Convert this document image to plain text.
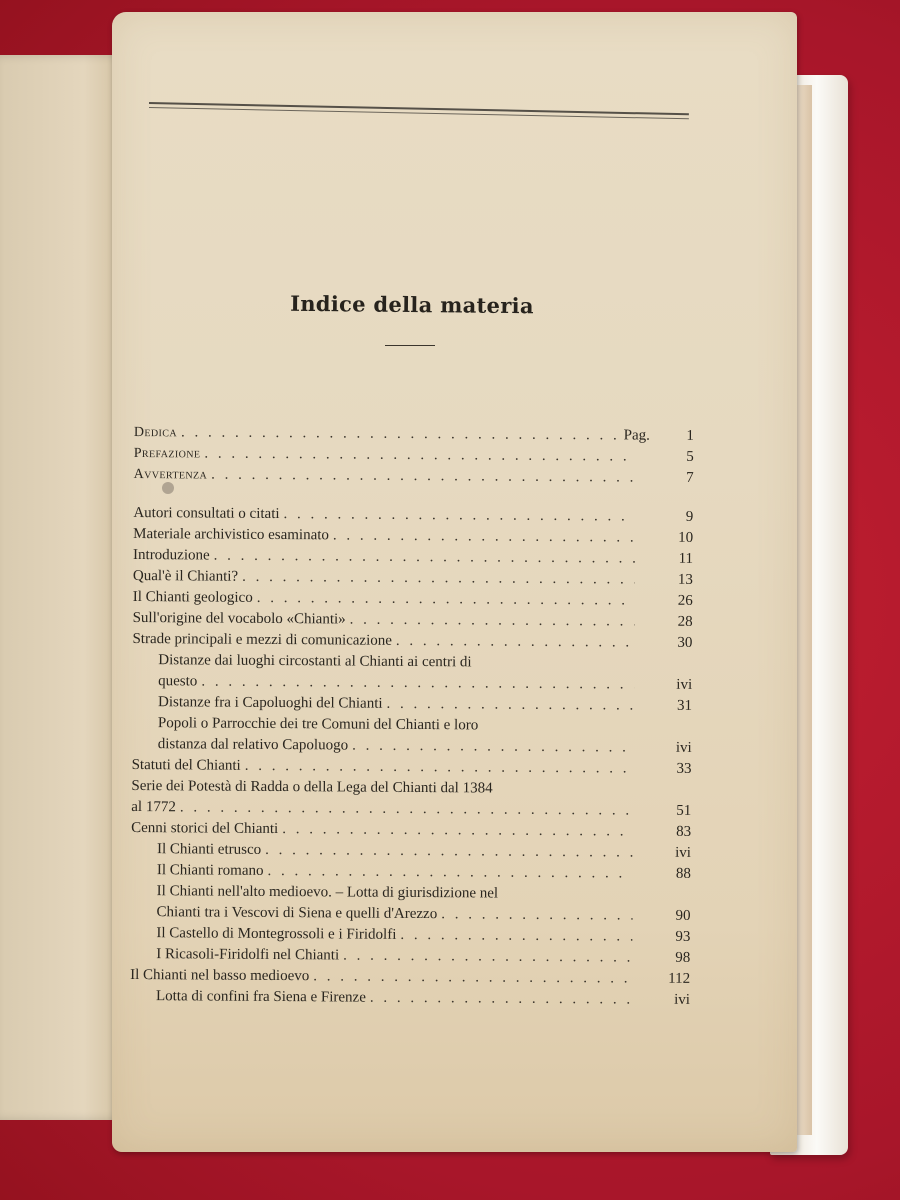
Indice della materia
Dedica . . .	Pag.	1
Prefazione . . .	5
Avvertenza . . .	7
Autori consultati o citati . . .	9
Materiale archivistico esaminato . . .	10
Introduzione . . .	11
Qual'è il Chianti? . . .	13
Il Chianti geologico . . .	26
Sull'origine del vocabolo «Chianti» . . .	28
Strade principali e mezzi di comunicazione . . .	30
Distanze dai luoghi circostanti al Chianti ai centri di
questo . . .	ivi
Distanze fra i Capoluoghi del Chianti . . .	31
Popoli o Parrocchie dei tre Comuni del Chianti e loro
distanza dal relativo Capoluogo . . .	ivi
Statuti del Chianti . . .	33
Serie dei Potestà di Radda o della Lega del Chianti dal 1384
al 1772 . . .	51
Cenni storici del Chianti . . .	83
Il Chianti etrusco . . .	ivi
Il Chianti romano . . .	88
Il Chianti nell'alto medioevo. – Lotta di giurisdizione nel
Chianti tra i Vescovi di Siena e quelli d'Arezzo . . .	90
Il Castello di Montegrossoli e i Firidolfi . . .	93
I Ricasoli-Firidolfi nel Chianti . . .	98
Il Chianti nel basso medioevo . . .	112
Lotta di confini fra Siena e Firenze . . .	ivi
